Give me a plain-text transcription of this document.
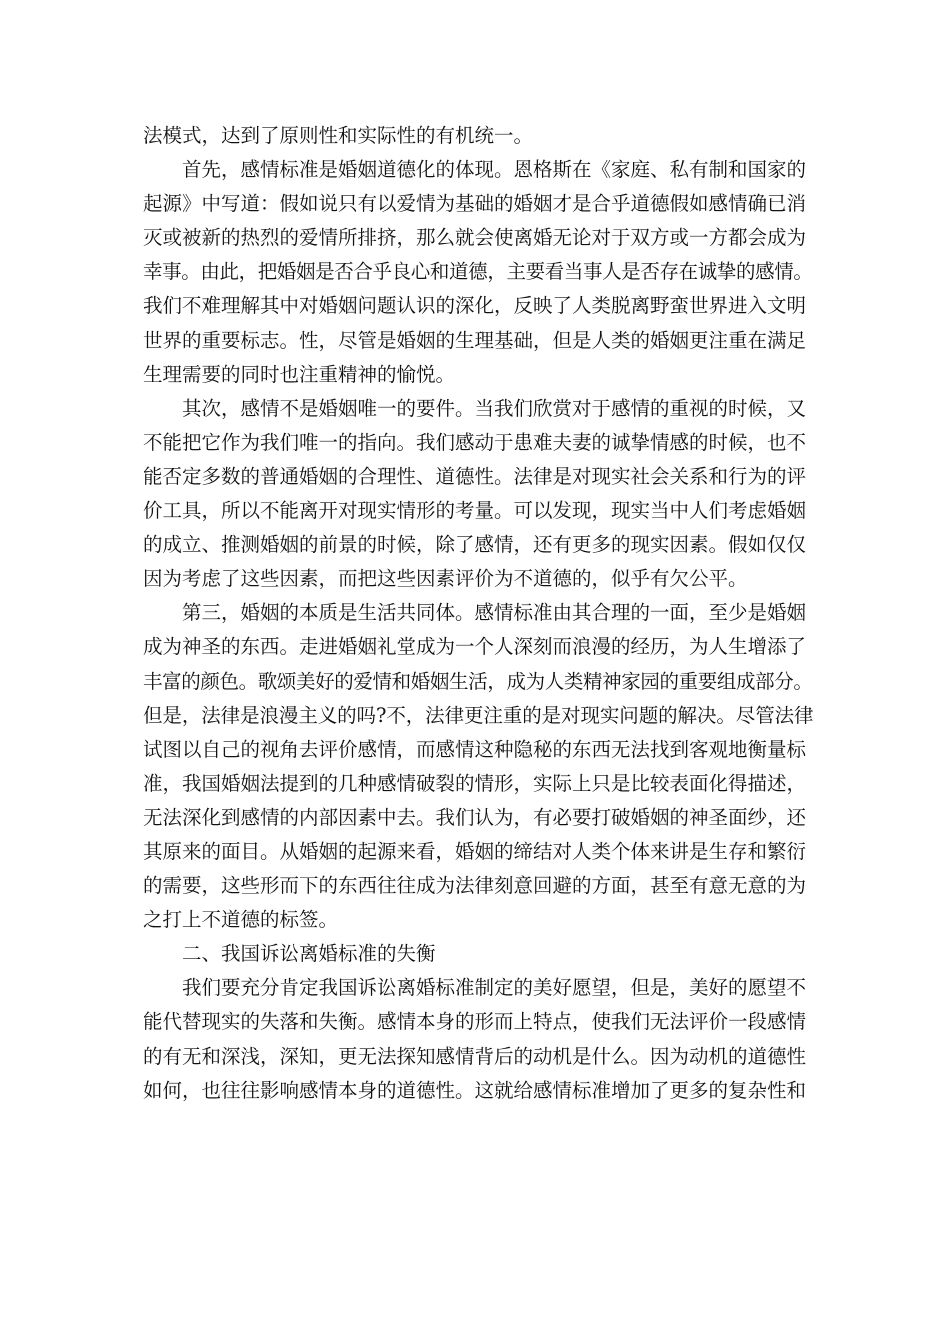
法模式，达到了原则性和实际性的有机统一。
首先，感情标准是婚姻道德化的体现。恩格斯在《家庭、私有制和国家的
起源》中写道：假如说只有以爱情为基础的婚姻才是合乎道德假如感情确已消
灭或被新的热烈的爱情所排挤，那么就会使离婚无论对于双方或一方都会成为
幸事。由此，把婚姻是否合乎良心和道德，主要看当事人是否存在诚挚的感情。
我们不难理解其中对婚姻问题认识的深化，反映了人类脱离野蛮世界进入文明
世界的重要标志。性，尽管是婚姻的生理基础，但是人类的婚姻更注重在满足
生理需要的同时也注重精神的愉悦。
其次，感情不是婚姻唯一的要件。当我们欣赏对于感情的重视的时候，又
不能把它作为我们唯一的指向。我们感动于患难夫妻的诚挚情感的时候，也不
能否定多数的普通婚姻的合理性、道德性。法律是对现实社会关系和行为的评
价工具，所以不能离开对现实情形的考量。可以发现，现实当中人们考虑婚姻
的成立、推测婚姻的前景的时候，除了感情，还有更多的现实因素。假如仅仅
因为考虑了这些因素，而把这些因素评价为不道德的，似乎有欠公平。
第三，婚姻的本质是生活共同体。感情标准由其合理的一面，至少是婚姻
成为神圣的东西。走进婚姻礼堂成为一个人深刻而浪漫的经历，为人生增添了
丰富的颜色。歌颂美好的爱情和婚姻生活，成为人类精神家园的重要组成部分。
但是，法律是浪漫主义的吗?不，法律更注重的是对现实问题的解决。尽管法律
试图以自己的视角去评价感情，而感情这种隐秘的东西无法找到客观地衡量标
准，我国婚姻法提到的几种感情破裂的情形，实际上只是比较表面化得描述，
无法深化到感情的内部因素中去。我们认为，有必要打破婚姻的神圣面纱，还
其原来的面目。从婚姻的起源来看，婚姻的缔结对人类个体来讲是生存和繁衍
的需要，这些形而下的东西往往成为法律刻意回避的方面，甚至有意无意的为
之打上不道德的标签。
二、我国诉讼离婚标准的失衡
我们要充分肯定我国诉讼离婚标准制定的美好愿望，但是，美好的愿望不
能代替现实的失落和失衡。感情本身的形而上特点，使我们无法评价一段感情
的有无和深浅，深知，更无法探知感情背后的动机是什么。因为动机的道德性
如何，也往往影响感情本身的道德性。这就给感情标准增加了更多的复杂性和
